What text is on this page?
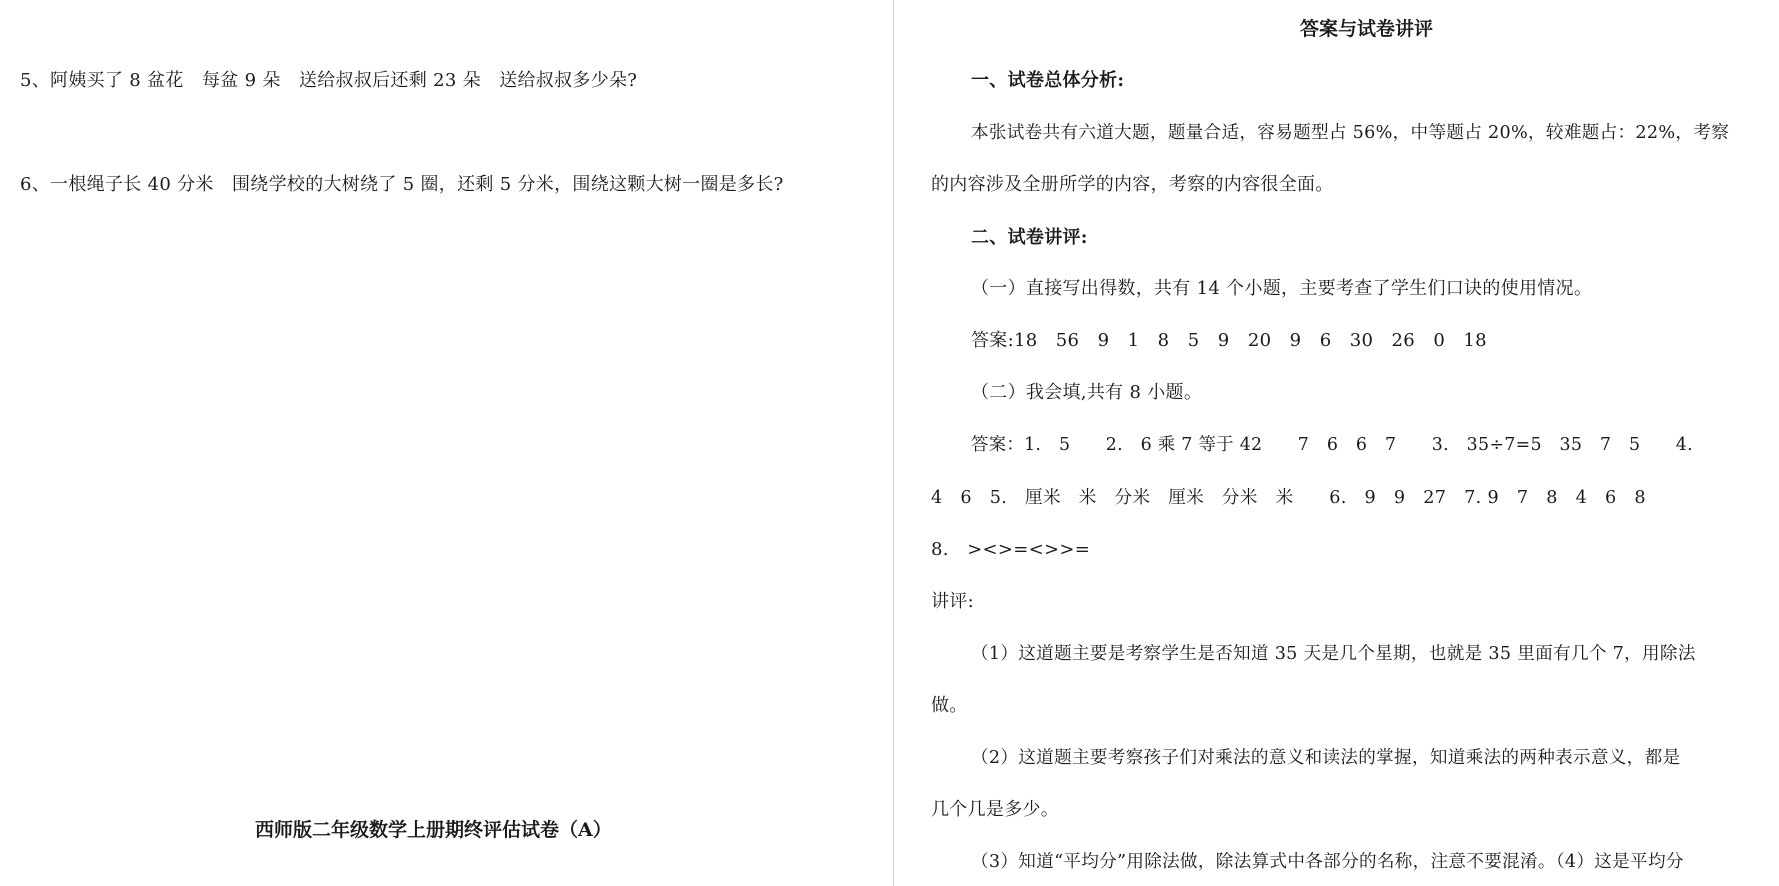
5、阿姨买了 8 盆花　每盆 9 朵　送给叔叔后还剩 23 朵　送给叔叔多少朵?
6、一根绳子长 40 分米　围绕学校的大树绕了 5 圈，还剩 5 分米，围绕这颗大树一圈是多长?
西师版二年级数学上册期终评估试卷（A）
答案与试卷讲评
一、试卷总体分析:
本张试卷共有六道大题，题量合适，容易题型占 56%，中等题占 20%，较难题占：22%，考察
的内容涉及全册所学的内容，考察的内容很全面。
二、试卷讲评:
（一）直接写出得数，共有 14 个小题，主要考查了学生们口诀的使用情况。
答案:18　56　9　1　8　5　9　20　9　6　30　26　0　18
（二）我会填,共有 8 小题。
答案：1.　5　　2.　6 乘 7 等于 42　　7　6　6　7　　3.　35÷7=5　35　7　5　　4.
4　6　5.　厘米　米　分米　厘米　分米　米　　6.　9　9　27　7. 9　7　8　4　6　8
8.　><>=<>>=
讲评:
（1）这道题主要是考察学生是否知道 35 天是几个星期，也就是 35 里面有几个 7，用除法
做。
（2）这道题主要考察孩子们对乘法的意义和读法的掌握，知道乘法的两种表示意义，都是
几个几是多少。
（3）知道“平均分”用除法做，除法算式中各部分的名称，注意不要混淆。（4）这是平均分
